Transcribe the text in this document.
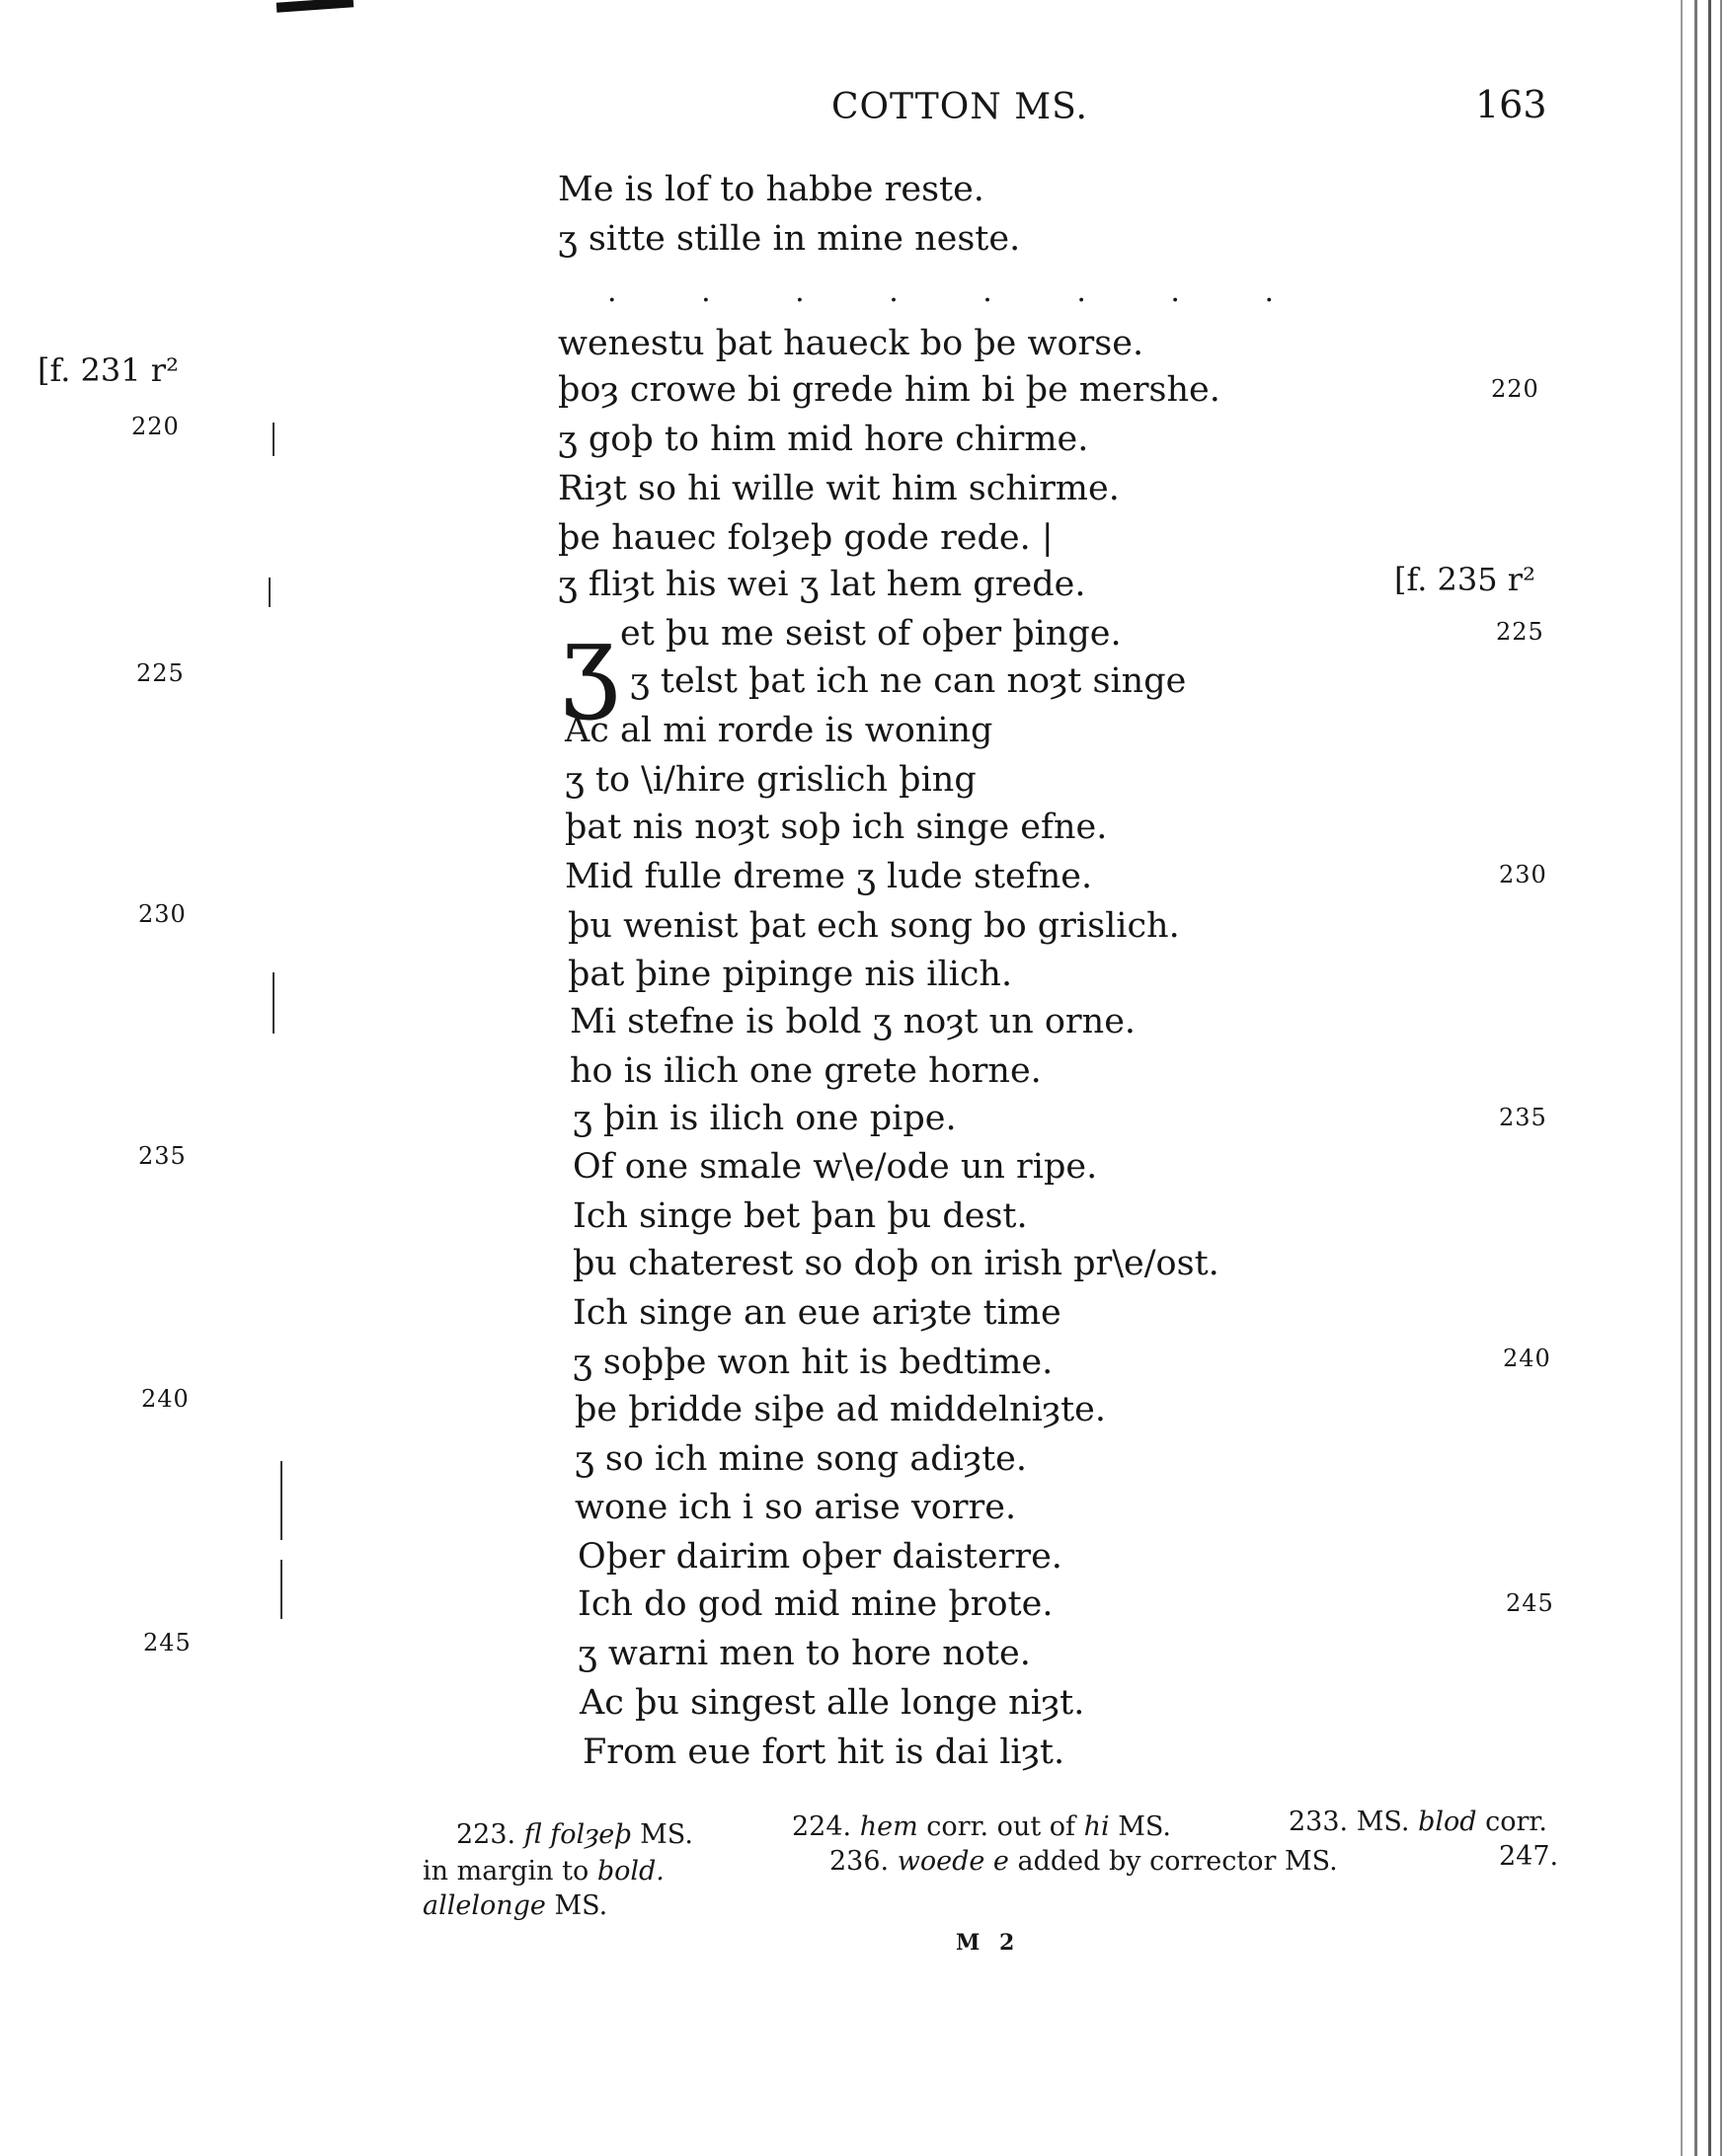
COTTON MS.	163
Me is lof to habbe reste.
ʒ sitte stille in mine neste.
. . . . . . . .
wenestu þat haueck bo þe worse.
þoȝ crowe bi grede him bi þe mershe.
ʒ goþ to him mid hore chirme.
Riȝt so hi wille wit him schirme.
þe hauec folȝeþ gode rede. |
ʒ fliȝt his wei ʒ lat hem grede.
ʒ et þu me seist of oþer þinge.
ʒ telst þat ich ne can noȝt singe
Ac al mi rorde is woning
ʒ to \i/hire grislich þing
þat nis noȝt soþ ich singe efne.
Mid fulle dreme ʒ lude stefne.
þu wenist þat ech song bo grislich.
þat þine pipinge nis ilich.
Mi stefne is bold ʒ noȝt un orne.
ho is ilich one grete horne.
ʒ þin is ilich one pipe.
Of one smale w\e/ode un ripe.
Ich singe bet þan þu dest.
þu chaterest so doþ on irish pr\e/ost.
Ich singe an eue ariȝte time
ʒ soþþe won hit is bedtime.
þe þridde siþe ad middelniȝte.
ʒ so ich mine song adiȝte.
wone ich i so arise vorre.
Oþer dairim oþer daisterre.
Ich do god mid mine þrote.
ʒ warni men to hore note.
Ac þu singest alle longe niȝt.
From eue fort hit is dai liȝt.
[f. 231 r²
220
225
230
235
240
245
220
[f. 235 r²
225
230
235
240
245
223. fl folȝeþ MS.
in margin to bold.
allelonge MS.
224. hem corr. out of hi MS.
236. woede e added by corrector MS.
233. MS. blod corr.
247.
M 2
